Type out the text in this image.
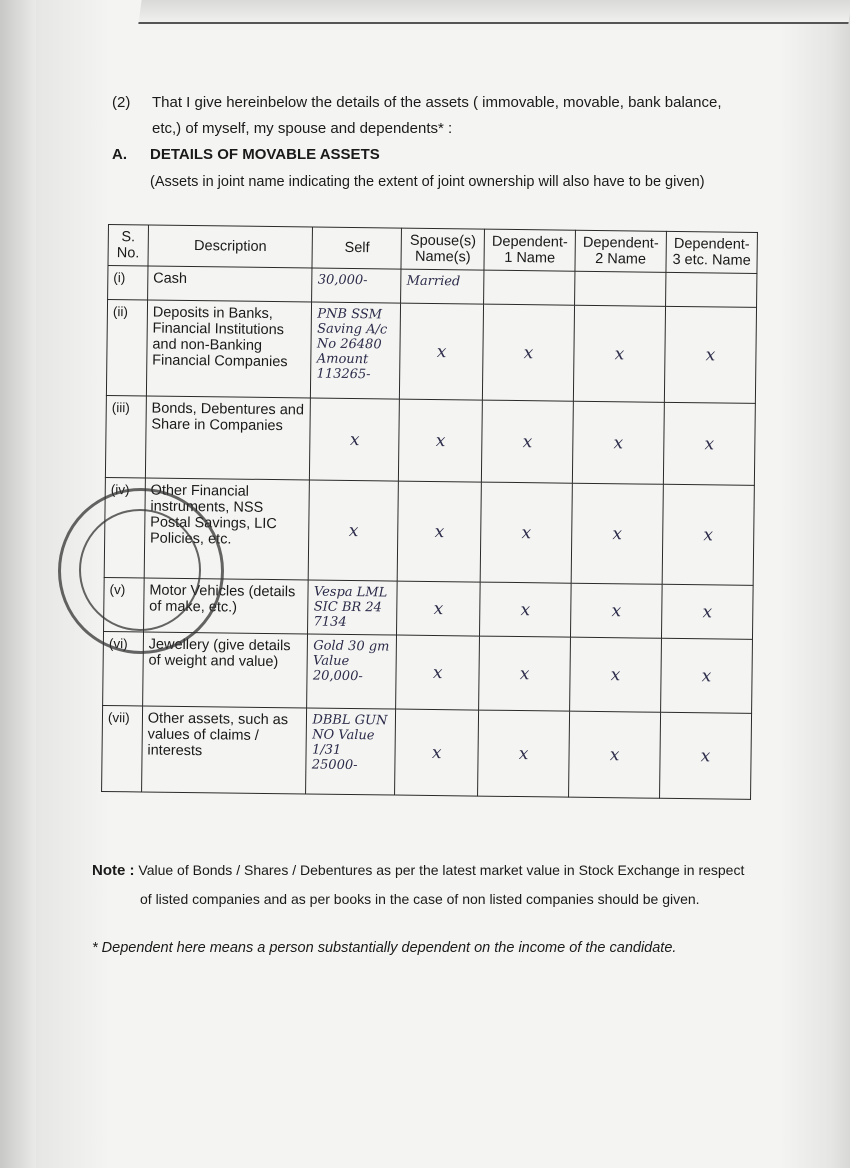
(2) That I give hereinbelow the details of the assets ( immovable, movable, bank balance, etc,) of myself, my spouse and dependents* :
A. DETAILS OF MOVABLE ASSETS
(Assets in joint name indicating the extent of joint ownership will also have to be given)
S. No.	Description	Self	Spouse(s) Name(s)	Dependent-1 Name	Dependent-2 Name	Dependent-3 etc. Name
(i)	Cash	30,000-	Married			
(ii)	Deposits in Banks, Financial Institutions and non-Banking Financial Companies	PNB SSM Saving A/c No 26480 Amount 113265-	x	x	x	x
(iii)	Bonds, Debentures and Share in Companies	x	x	x	x	x
(iv)	Other Financial instruments, NSS Postal Savings, LIC Policies, etc.	x	x	x	x	x
(v)	Motor Vehicles (details of make, etc.)	Vespa LML SIC BR 24 7134	x	x	x	x
(vi)	Jewellery (give details of weight and value)	Gold 30 gm Value 20,000-	x	x	x	x
(vii)	Other assets, such as values of claims / interests	DBBL GUN NO Value 1/31 25000-	x	x	x	x
Note : Value of Bonds / Shares / Debentures as per the latest market value in Stock Exchange in respect
of listed companies and as per books in the case of non listed companies should be given.
* Dependent here means a person substantially dependent on the income of the candidate.
